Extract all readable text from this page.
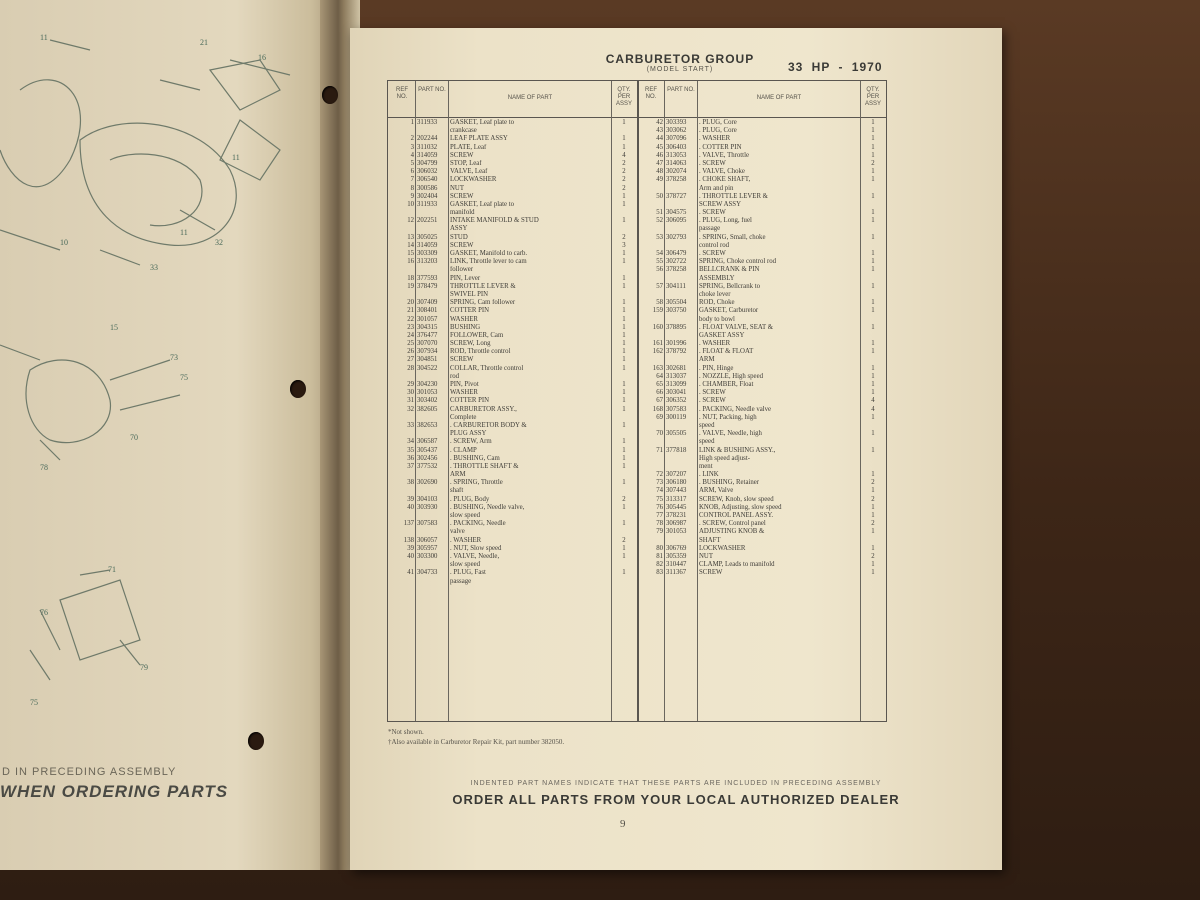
11
21
16
11
11
10
33
32
15
73
75
70
78
71
76
79
75
D IN PRECEDING ASSEMBLY
WHEN ORDERING PARTS
CARBURETOR GROUP
(MODEL START)	33 HP - 1970
REF NO.
PART NO.
NAME OF PART
QTY. PER ASSY
1 311933	GASKET, Leaf plate to	1
crankcase
2 202244	LEAF PLATE ASSY	1
3 311032	PLATE, Leaf	1
4 314059	SCREW	4
5 304799	STOP, Leaf	2
6 306032	VALVE, Leaf	2
7 306540	LOCKWASHER	2
8 300586	NUT	2
9 302404	SCREW	1
10 311933	GASKET, Leaf plate to	1
manifold
12 202251	INTAKE MANIFOLD & STUD	1
ASSY
13 305025	STUD	2
14 314059	SCREW	3
15 303309	GASKET, Manifold to carb.	1
16 313203	LINK, Throttle lever to cam	1
follower
18 377593	PIN, Lever	1
19 378479	THROTTLE LEVER &	1
SWIVEL PIN
20 307409	SPRING, Cam follower	1
21 308401	COTTER PIN	1
22 301057	WASHER	1
23 304315	BUSHING	1
24 376477	FOLLOWER, Cam	1
25 307070	SCREW, Long	1
26 307934	ROD, Throttle control	1
27 304851	SCREW	1
28 304522	COLLAR, Throttle control	1
rod
29 304230	PIN, Pivot	1
30 301053	WASHER	1
31 303402	COTTER PIN	1
32 382605	CARBURETOR ASSY.,	1
Complete
33 382653	. CARBURETOR BODY &	1
PLUG ASSY
34 306587	. SCREW, Arm	1
35 305437	. CLAMP	1
36 302456	. BUSHING, Cam	1
37 377532	. THROTTLE SHAFT &	1
ARM
38 302690	. SPRING, Throttle	1
shaft
39 304103	. PLUG, Body	2
40 303930	. BUSHING, Needle valve,	1
slow speed
137 307583	. PACKING, Needle	1
valve
138 306057	. WASHER	2
39 305957	. NUT, Slow speed	1
40 303300	. VALVE, Needle,	1
slow speed
41 304733	. PLUG, Fast	1
passage
REF NO.
PART NO.
NAME OF PART
QTY. PER ASSY
42 303393	. PLUG, Core	1
43 303062	. PLUG, Core	1
44 307096	. WASHER	1
45 306403	. COTTER PIN	1
46 313053	. VALVE, Throttle	1
47 314063	. SCREW	2
48 302074	. VALVE, Choke	1
49 378258	. CHOKE SHAFT,	1
Arm and pin
50 378727	. THROTTLE LEVER &	1
SCREW ASSY
51 304575	. SCREW	1
52 306095	. PLUG, Long, fuel	1
passage
53 302793	. SPRING, Small, choke	1
control rod
54 306479	. SCREW	1
55 302722	SPRING, Choke control rod	1
56 378258	BELLCRANK & PIN	1
ASSEMBLY
57 304111	SPRING, Bellcrank to	1
choke lever
58 305504	ROD, Choke	1
159 303750	GASKET, Carburetor	1
body to bowl
160 378895	. FLOAT VALVE, SEAT &	1
GASKET ASSY
161 301996	. WASHER	1
162 378792	. FLOAT & FLOAT	1
ARM
163 302681	. PIN, Hinge	1
64 313037	. NOZZLE, High speed	1
65 313099	. CHAMBER, Float	1
66 303041	. SCREW	1
67 306352	. SCREW	4
168 307583	. PACKING, Needle valve	4
69 300119	. NUT, Packing, high	1
speed
70 305505	. VALVE, Needle, high	1
speed
71 377818	LINK & BUSHING ASSY.,	1
High speed adjust-
ment
72 307207	. LINK	1
73 306180	. BUSHING, Retainer	2
74 307443	ARM, Valve	1
75 313317	SCREW, Knob, slow speed	2
76 305445	KNOB, Adjusting, slow speed	1
77 378231	CONTROL PANEL ASSY.	1
78 306987	. SCREW, Control panel	2
79 301053	ADJUSTING KNOB &	1
SHAFT
80 306769	LOCKWASHER	1
81 305359	NUT	2
82 310447	CLAMP, Leads to manifold	1
83 311367	SCREW	1
*Not shown.
†Also available in Carburetor Repair Kit, part number 382050.
INDENTED PART NAMES INDICATE THAT THESE PARTS ARE INCLUDED IN PRECEDING ASSEMBLY
ORDER ALL PARTS FROM YOUR LOCAL AUTHORIZED DEALER
9
